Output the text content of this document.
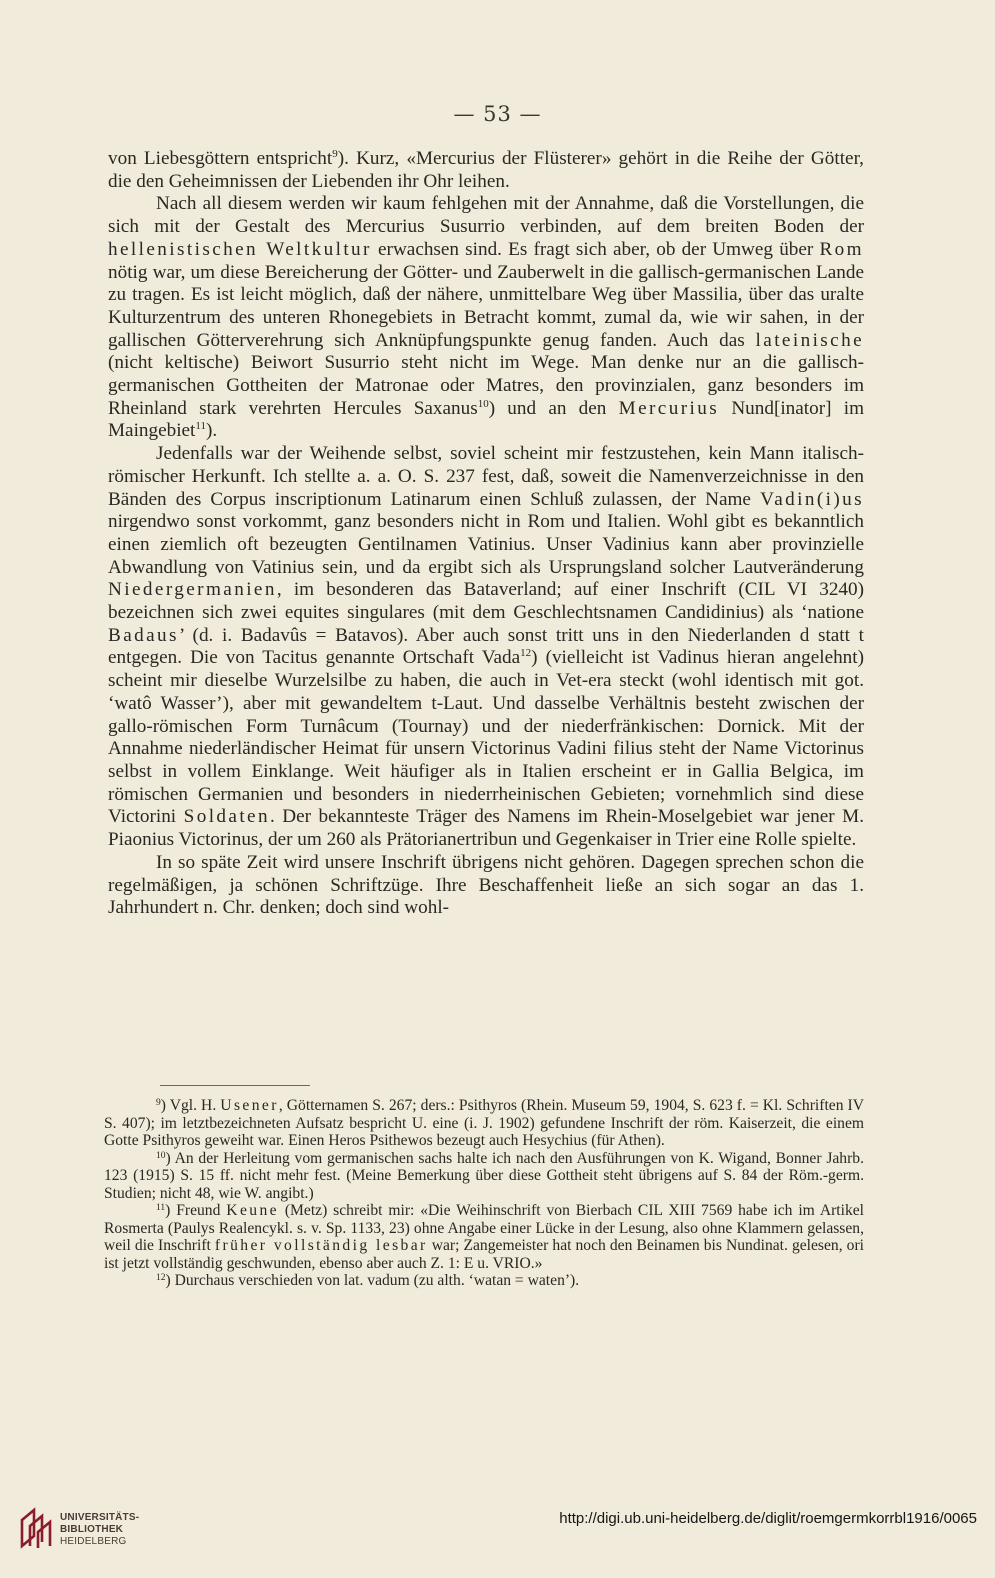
— 53 —

von Liebesgöttern entspricht$^9$). Kurz, «Mercurius der Flüsterer» gehört in die Reihe der Götter, die den Geheimnissen der Liebenden ihr Ohr leihen.

Nach all diesem werden wir kaum fehlgehen mit der Annahme, daß die Vorstellungen, die sich mit der Gestalt des Mercurius Susurrio verbinden, auf dem breiten Boden der hellenistischen Weltkultur erwachsen sind. Es fragt sich aber, ob der Umweg über Rom nötig war, um diese Bereicherung der Götter- und Zauberwelt in die gallisch-germanischen Lande zu tragen. Es ist leicht möglich, daß der nähere, unmittelbare Weg über Massilia, über das uralte Kulturzentrum des unteren Rhonegebiets in Betracht kommt, zumal da, wie wir sahen, in der gallischen Götterverehrung sich Anknüpfungspunkte genug fanden. Auch das lateinische (nicht keltische) Beiwort Susurrio steht nicht im Wege. Man denke nur an die gallisch-germanischen Gottheiten der Matronae oder Matres, den provinzialen, ganz besonders im Rheinland stark verehrten Hercules Saxanus$^{10}$) und an den Mercurius Nund[inator] im Maingebiet$^{11}$).

Jedenfalls war der Weihende selbst, soviel scheint mir festzustehen, kein Mann italisch-römischer Herkunft. Ich stellte a. a. O. S. 237 fest, daß, soweit die Namenverzeichnisse in den Bänden des Corpus inscriptionum Latinarum einen Schluß zulassen, der Name Vadin(i)us nirgendwo sonst vorkommt, ganz besonders nicht in Rom und Italien. Wohl gibt es bekanntlich einen ziemlich oft bezeugten Gentilnamen Vatinius. Unser Vadinius kann aber provinzielle Abwandlung von Vatinius sein, und da ergibt sich als Ursprungsland solcher Lautveränderung Niedergermanien, im besonderen das Bataverland; auf einer Inschrift (CIL VI 3240) bezeichnen sich zwei equites singulares (mit dem Geschlechtsnamen Candidinius) als ‘natione Badaus’ (d. i. Badavûs = Batavos). Aber auch sonst tritt uns in den Niederlanden d statt t entgegen. Die von Tacitus genannte Ortschaft Vada$^{12}$) (vielleicht ist Vadinus hieran angelehnt) scheint mir dieselbe Wurzelsilbe zu haben, die auch in Vet-era steckt (wohl identisch mit got. ‘watô Wasser’), aber mit gewandeltem t-Laut. Und dasselbe Verhältnis besteht zwischen der gallo-römischen Form Turnâcum (Tournay) und der niederfränkischen: Dornick. Mit der Annahme niederländischer Heimat für unsern Victorinus Vadini filius steht der Name Victorinus selbst in vollem Einklange. Weit häufiger als in Italien erscheint er in Gallia Belgica, im römischen Germanien und besonders in niederrheinischen Gebieten; vornehmlich sind diese Victorini Soldaten. Der bekannteste Träger des Namens im Rhein-Moselgebiet war jener M. Piaonius Victorinus, der um 260 als Prätorianertribun und Gegenkaiser in Trier eine Rolle spielte.

In so späte Zeit wird unsere Inschrift übrigens nicht gehören. Dagegen sprechen schon die regelmäßigen, ja schönen Schriftzüge. Ihre Beschaffenheit ließe an sich sogar an das 1. Jahrhundert n. Chr. denken; doch sind wohl-

$^9$) Vgl. H. Usener, Götternamen S. 267; ders.: Psithyros (Rhein. Museum 59, 1904, S. 623 f. = Kl. Schriften IV S. 407); im letztbezeichneten Aufsatz bespricht U. eine (i. J. 1902) gefundene Inschrift der röm. Kaiserzeit, die einem Gotte Psithyros geweiht war. Einen Heros Psithewos bezeugt auch Hesychius (für Athen).

$^{10}$) An der Herleitung vom germanischen sachs halte ich nach den Ausführungen von K. Wigand, Bonner Jahrb. 123 (1915) S. 15 ff. nicht mehr fest. (Meine Bemerkung über diese Gottheit steht übrigens auf S. 84 der Röm.-germ. Studien; nicht 48, wie W. angibt.)

$^{11}$) Freund Keune (Metz) schreibt mir: «Die Weihinschrift von Bierbach CIL XIII 7569 habe ich im Artikel Rosmerta (Paulys Realencykl. s. v. Sp. 1133, 23) ohne Angabe einer Lücke in der Lesung, also ohne Klammern gelassen, weil die Inschrift früher vollständig lesbar war; Zangemeister hat noch den Beinamen bis Nundinat. gelesen, ori ist jetzt vollständig geschwunden, ebenso aber auch Z. 1: E u. VRIO.»

$^{12}$) Durchaus verschieden von lat. vadum (zu alth. ‘watan = waten’).

UNIVERSITÄTS-
BIBLIOTHEK
HEIDELBERG
http://digi.ub.uni-heidelberg.de/diglit/roemgermkorrbl1916/0065
